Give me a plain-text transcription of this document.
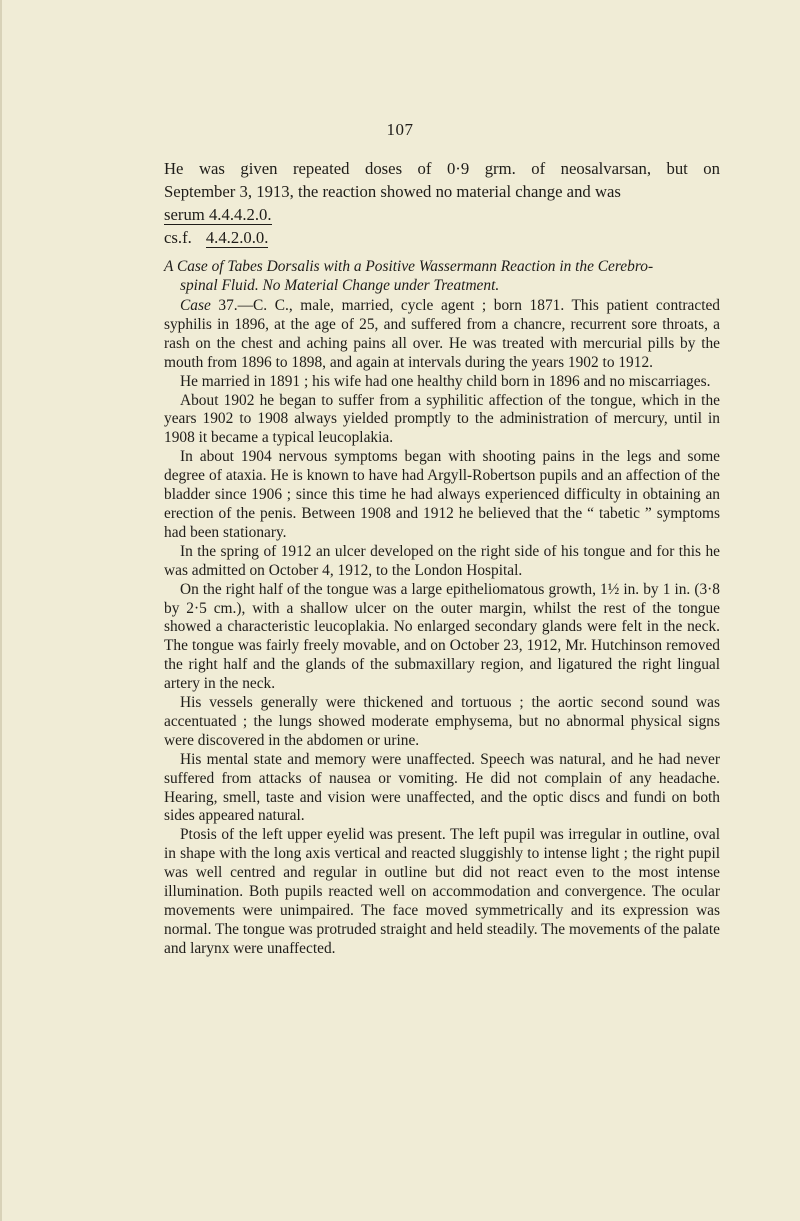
107

He was given repeated doses of 0·9 grm. of neosalvarsan, but on
September 3, 1913, the reaction showed no material change and was

serum 4.4.4.2.0.

cs.f. 4.4.2.0.0.

A Case of Tabes Dorsalis with a Positive Wassermann Reaction in the Cerebro-
spinal Fluid. No Material Change under Treatment.

Case 37.—C. C., male, married, cycle agent ; born 1871. This patient contracted syphilis in 1896, at the age of 25, and suffered from a chancre, recurrent sore throats, a rash on the chest and aching pains all over. He was treated with mercurial pills by the mouth from 1896 to 1898, and again at intervals during the years 1902 to 1912.

He married in 1891 ; his wife had one healthy child born in 1896 and no miscarriages.

About 1902 he began to suffer from a syphilitic affection of the tongue, which in the years 1902 to 1908 always yielded promptly to the administration of mercury, until in 1908 it became a typical leucoplakia.

In about 1904 nervous symptoms began with shooting pains in the legs and some degree of ataxia. He is known to have had Argyll-Robertson pupils and an affection of the bladder since 1906 ; since this time he had always experienced difficulty in obtaining an erection of the penis. Between 1908 and 1912 he believed that the “ tabetic ” symptoms had been stationary.

In the spring of 1912 an ulcer developed on the right side of his tongue and for this he was admitted on October 4, 1912, to the London Hospital.

On the right half of the tongue was a large epitheliomatous growth, 1½ in. by 1 in. (3·8 by 2·5 cm.), with a shallow ulcer on the outer margin, whilst the rest of the tongue showed a characteristic leucoplakia. No enlarged secondary glands were felt in the neck. The tongue was fairly freely movable, and on October 23, 1912, Mr. Hutchinson removed the right half and the glands of the submaxillary region, and ligatured the right lingual artery in the neck.

His vessels generally were thickened and tortuous ; the aortic second sound was accentuated ; the lungs showed moderate emphysema, but no abnormal physical signs were discovered in the abdomen or urine.

His mental state and memory were unaffected. Speech was natural, and he had never suffered from attacks of nausea or vomiting. He did not complain of any headache. Hearing, smell, taste and vision were unaffected, and the optic discs and fundi on both sides appeared natural.

Ptosis of the left upper eyelid was present. The left pupil was irregular in outline, oval in shape with the long axis vertical and reacted sluggishly to intense light ; the right pupil was well centred and regular in outline but did not react even to the most intense illumination. Both pupils reacted well on accommodation and convergence. The ocular movements were unimpaired. The face moved symmetrically and its expression was normal. The tongue was protruded straight and held steadily. The movements of the palate and larynx were unaffected.
